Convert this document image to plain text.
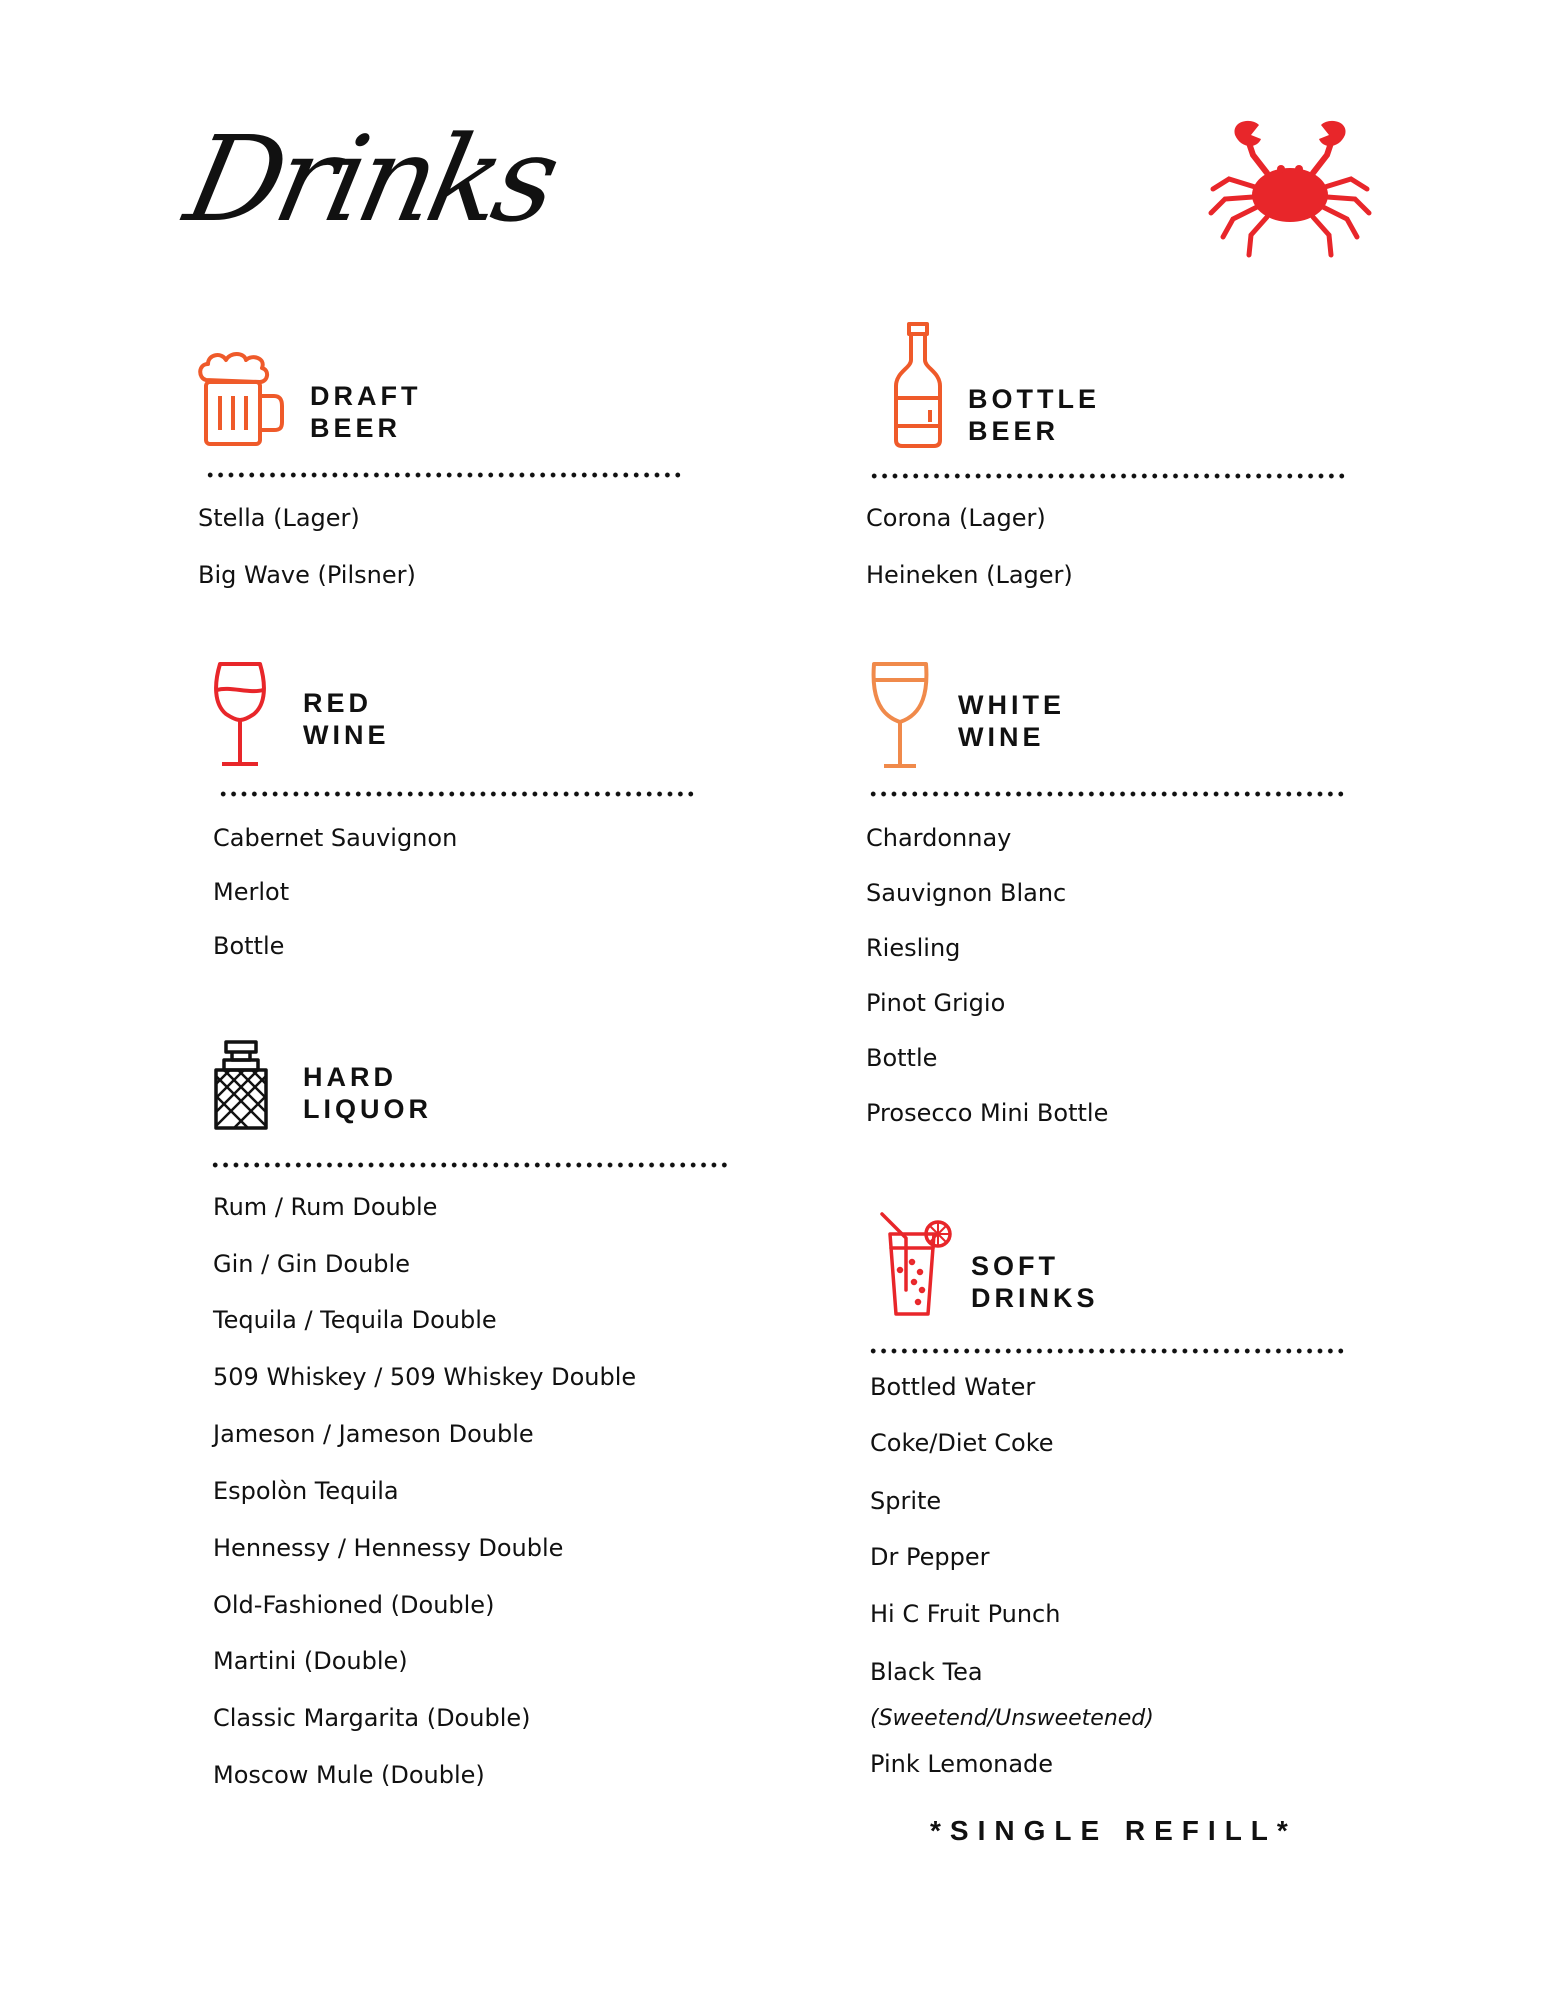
Drinks
DRAFT
BEER
Stella (Lager)
Big Wave (Pilsner)
BOTTLE
BEER
Corona (Lager)
Heineken (Lager)
RED
WINE
Cabernet Sauvignon
Merlot
Bottle
WHITE
WINE
Chardonnay
Sauvignon Blanc
Riesling
Pinot Grigio
Bottle
Prosecco Mini Bottle
HARD
LIQUOR
Rum / Rum Double
Gin / Gin Double
Tequila / Tequila Double
509 Whiskey / 509 Whiskey Double
Jameson / Jameson Double
Espolòn Tequila
Hennessy / Hennessy Double
Old-Fashioned (Double)
Martini (Double)
Classic Margarita (Double)
Moscow Mule (Double)
SOFT
DRINKS
Bottled Water
Coke/Diet Coke
Sprite
Dr Pepper
Hi C Fruit Punch
Black Tea
(Sweetend/Unsweetened)
Pink Lemonade
*SINGLE REFILL*
